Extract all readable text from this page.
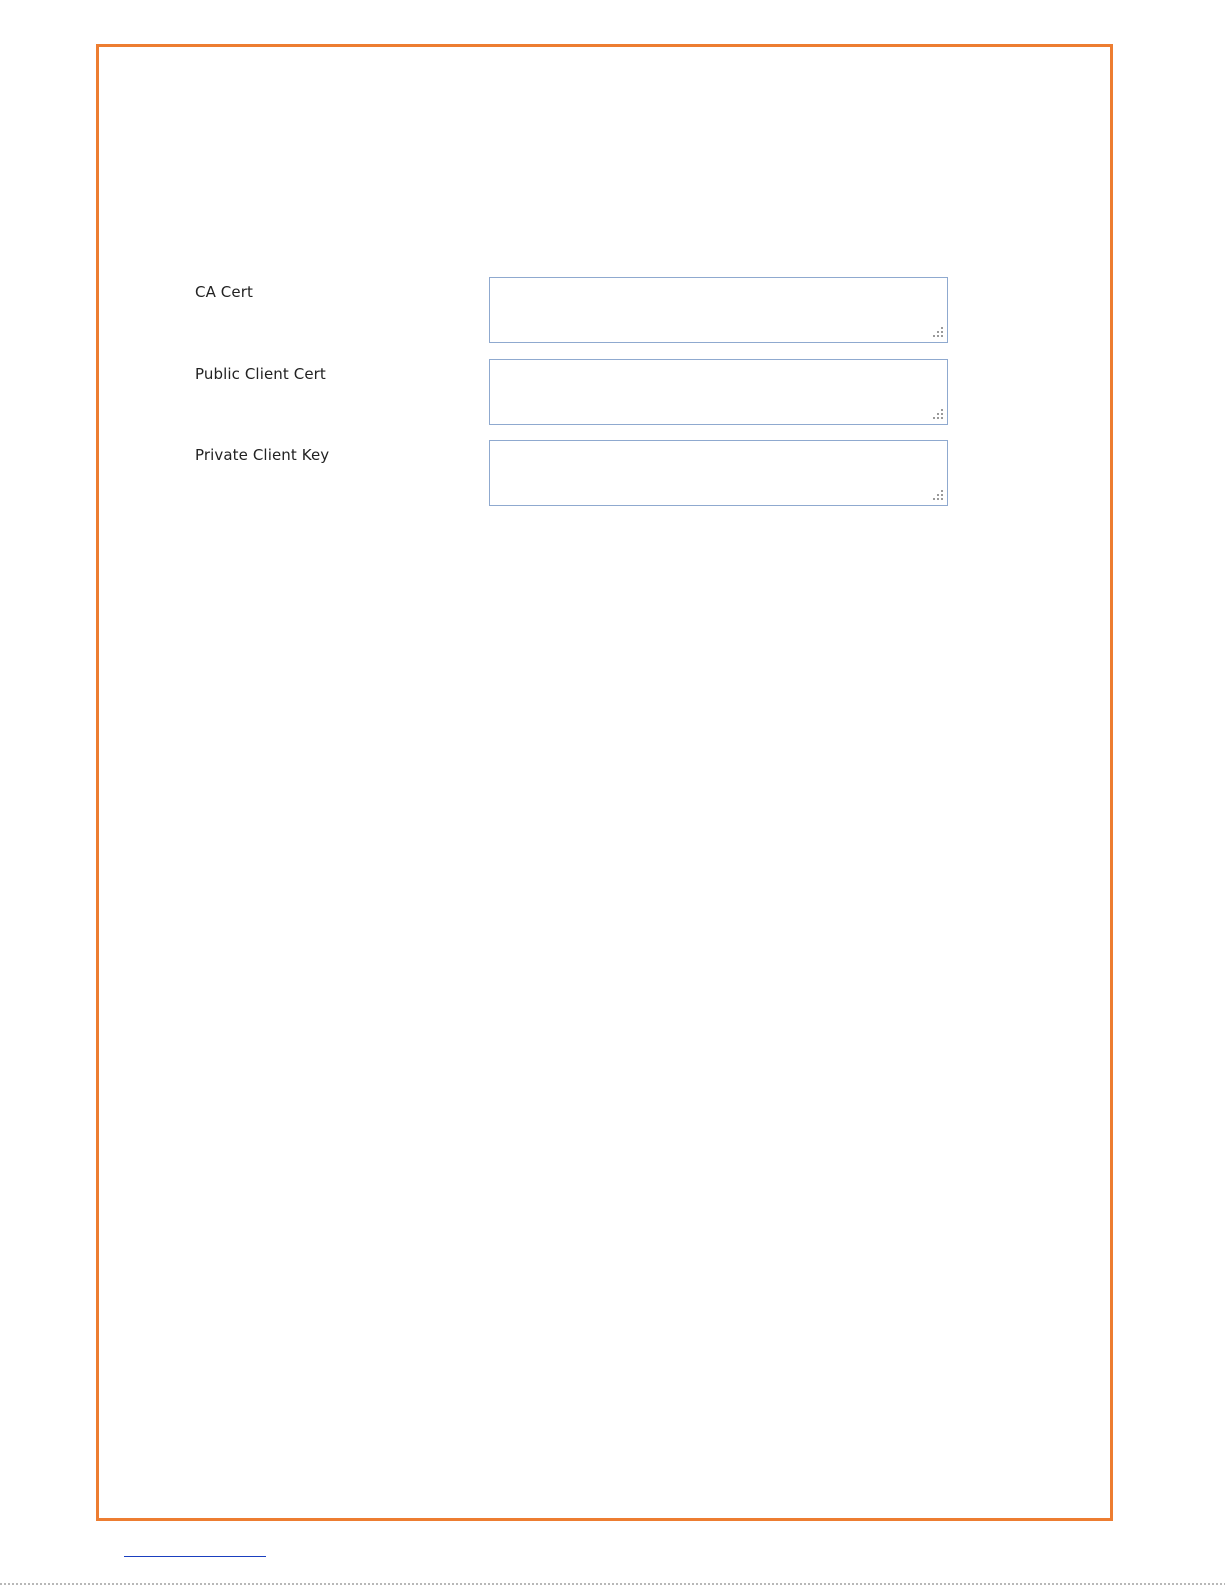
CA Cert
Public Client Cert
Private Client Key
